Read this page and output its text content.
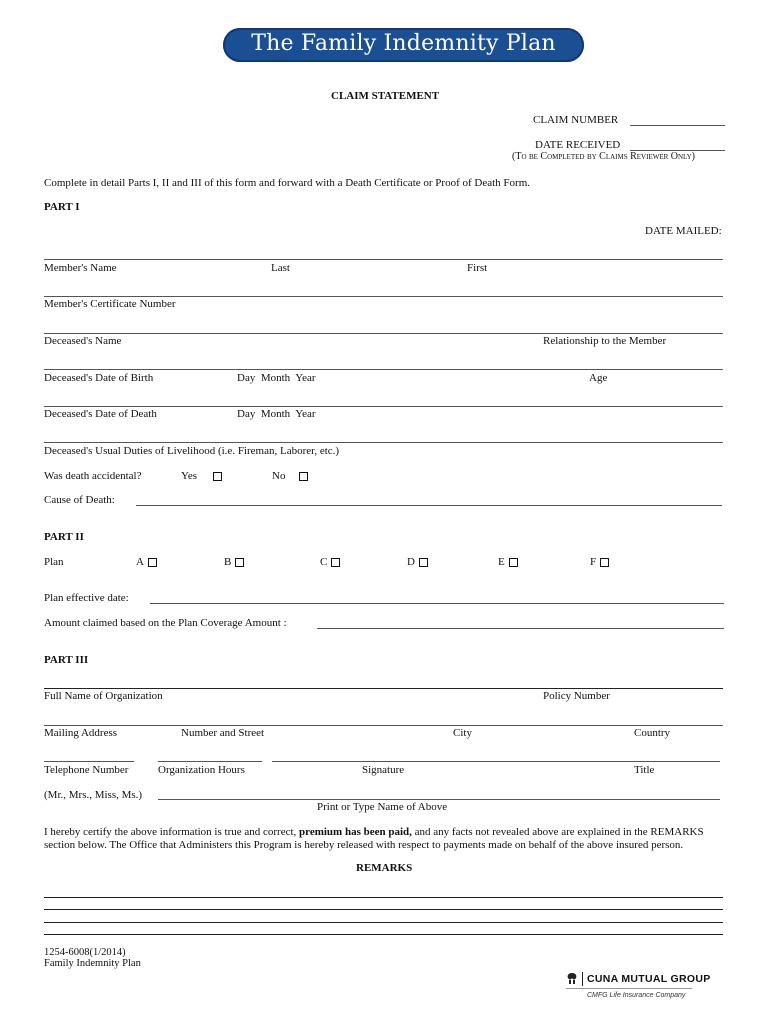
The Family Indemnity Plan
CLAIM STATEMENT
CLAIM NUMBER
DATE RECEIVED
(To be Completed by Claims Reviewer Only)
Complete in detail Parts I, II and III of this form and forward with a Death Certificate or Proof of Death Form.
PART I
DATE MAILED:
Member's Name	Last	First
Member's Certificate Number
Deceased's Name	Relationship to the Member
Deceased's Date of Birth	Day  Month  Year	Age
Deceased's Date of Death	Day  Month  Year
Deceased's Usual Duties of Livelihood (i.e. Fireman, Laborer, etc.)
Was death accidental?	Yes	No
Cause of Death:
PART II
Plan	A	B	C	D	E	F
Plan effective date:
Amount claimed based on the Plan Coverage Amount :
PART III
Full Name of Organization	Policy Number
Mailing Address	Number and Street	City	Country
Telephone Number	Organization Hours	Signature	Title
(Mr., Mrs., Miss, Ms.)
Print or Type Name of Above
I hereby certify the above information is true and correct, premium has been paid, and any facts not revealed above are explained in the REMARKS section below. The Office that Administers this Program is hereby released with respect to payments made on behalf of the above insured person.
REMARKS
1254-6008(1/2014)
Family Indemnity Plan
CUNA MUTUAL GROUP
CMFG Life Insurance Company
